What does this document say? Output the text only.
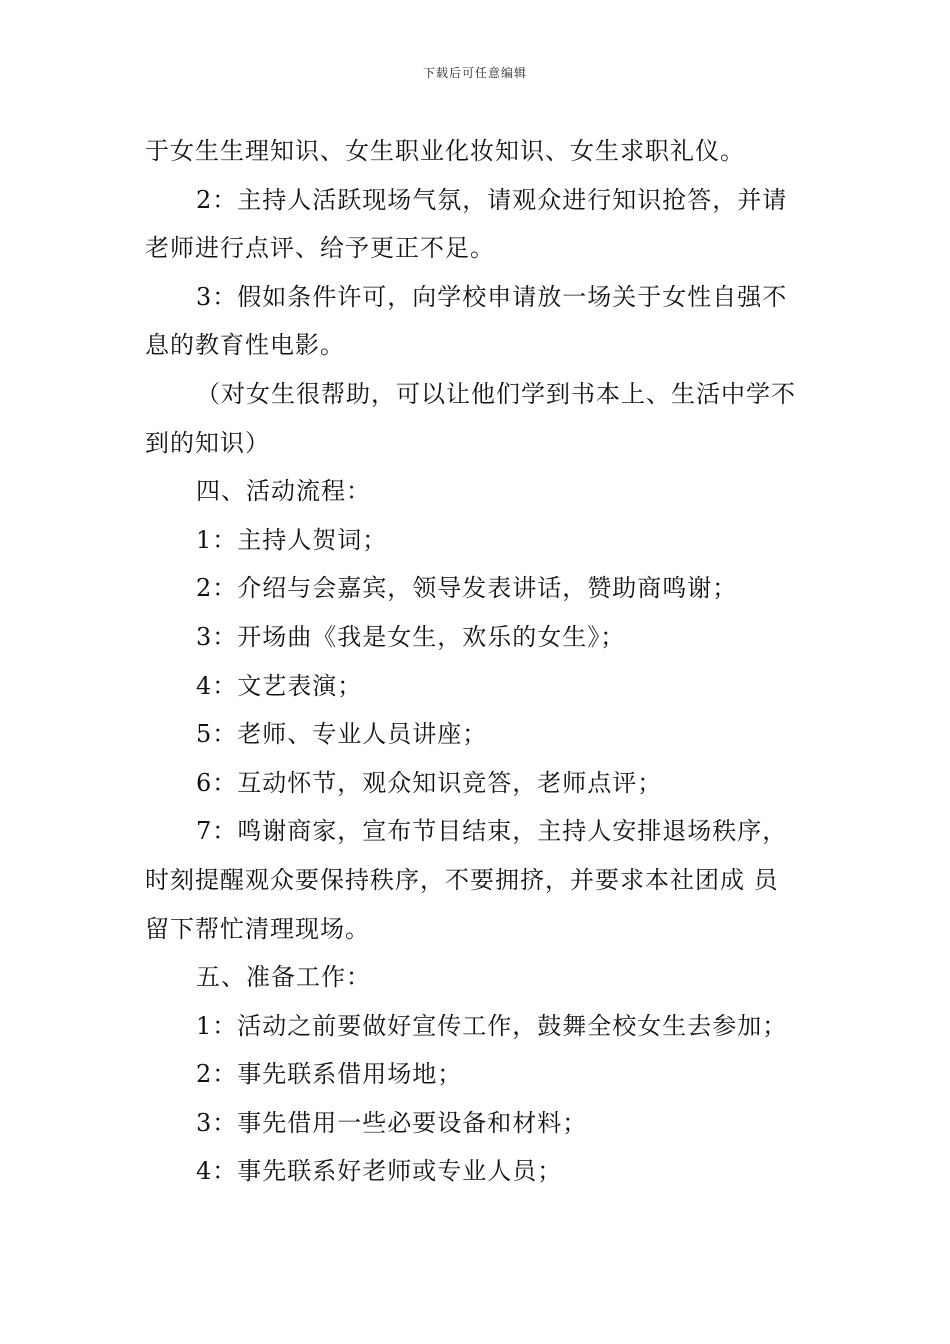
下载后可任意编辑

于女生生理知识、女生职业化妆知识、女生求职礼仪。

2：主持人活跃现场气氛，请观众进行知识抢答，并请

老师进行点评、给予更正不足。

3：假如条件许可，向学校申请放一场关于女性自强不

息的教育性电影。

（对女生很帮助，可以让他们学到书本上、生活中学不

到的知识）

四、活动流程：

1：主持人贺词；

2：介绍与会嘉宾，领导发表讲话，赞助商鸣谢；

3：开场曲《我是女生，欢乐的女生》；

4：文艺表演；

5：老师、专业人员讲座；

6：互动怀节，观众知识竞答，老师点评；

7：鸣谢商家，宣布节目结束，主持人安排退场秩序，

时刻提醒观众要保持秩序，不要拥挤，并要求本社团成 员

留下帮忙清理现场。

五、准备工作：

1：活动之前要做好宣传工作，鼓舞全校女生去参加；

2：事先联系借用场地；

3：事先借用一些必要设备和材料；

4：事先联系好老师或专业人员；
